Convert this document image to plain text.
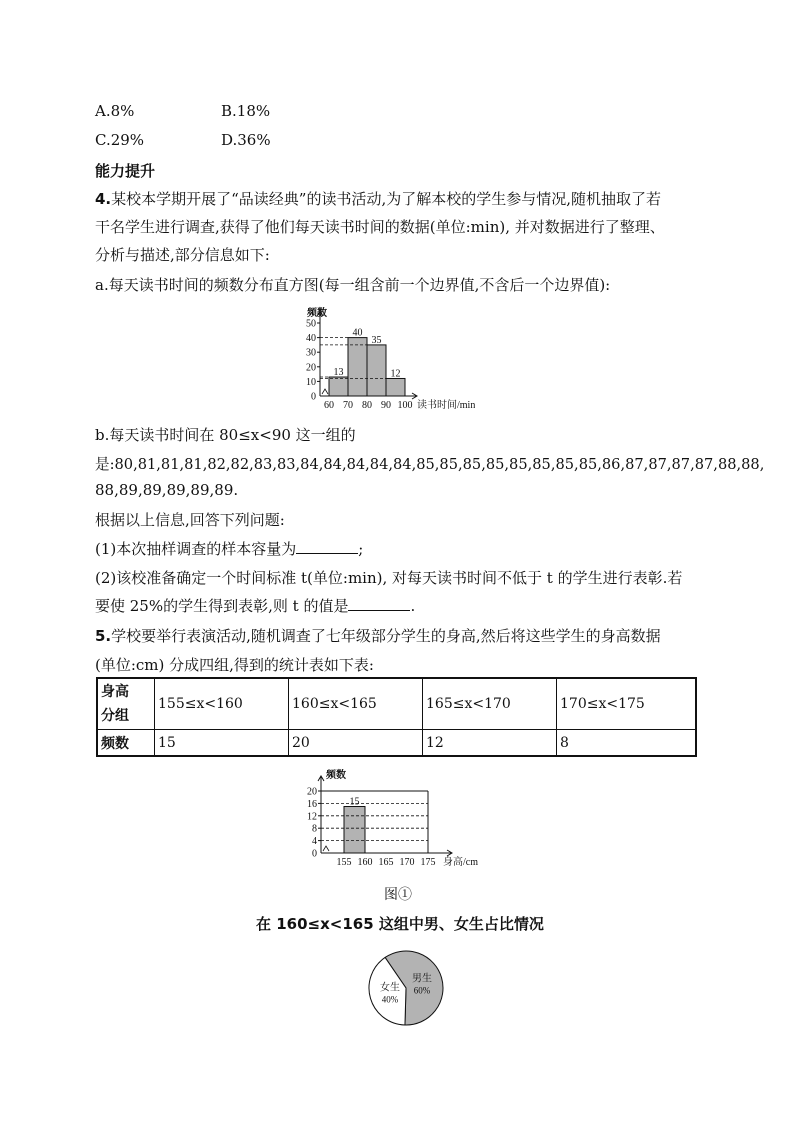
A.8%	B.18%
C.29%	D.36%
能力提升
4.某校本学期开展了“品读经典”的读书活动,为了解本校的学生参与情况,随机抽取了若
干名学生进行调查,获得了他们每天读书时间的数据(单位:min), 并对数据进行了整理、
分析与描述,部分信息如下:
a.每天读书时间的频数分布直方图(每一组含前一个边界值,不含后一个边界值):
0
10
20
30
40
50
60 70 80 90 100
13
40
35
12
频数
读书时间/min
b.每天读书时间在 80≤x<90 这一组的
是:80,81,81,81,82,82,83,83,84,84,84,84,84,85,85,85,85,85,85,85,85,86,87,87,87,87,88,88,
88,89,89,89,89,89.
根据以上信息,回答下列问题:
(1)本次抽样调查的样本容量为	;
(2)该校准备确定一个时间标准 t(单位:min), 对每天读书时间不低于 t 的学生进行表彰.若
要使 25%的学生得到表彰,则 t 的值是	.
5.学校要举行表演活动,随机调查了七年级部分学生的身高,然后将这些学生的身高数据
(单位:cm) 分成四组,得到的统计表如下表:
身高
分组	155≤x<160	160≤x<165	165≤x<170	170≤x<175
频数	15	20	12	8
0
4
8
12
16
20
155 160 165 170 175
15
频数
身高/cm
图①
在 160≤x<165 这组中男、女生占比情况
男生
60%
女生
40%
